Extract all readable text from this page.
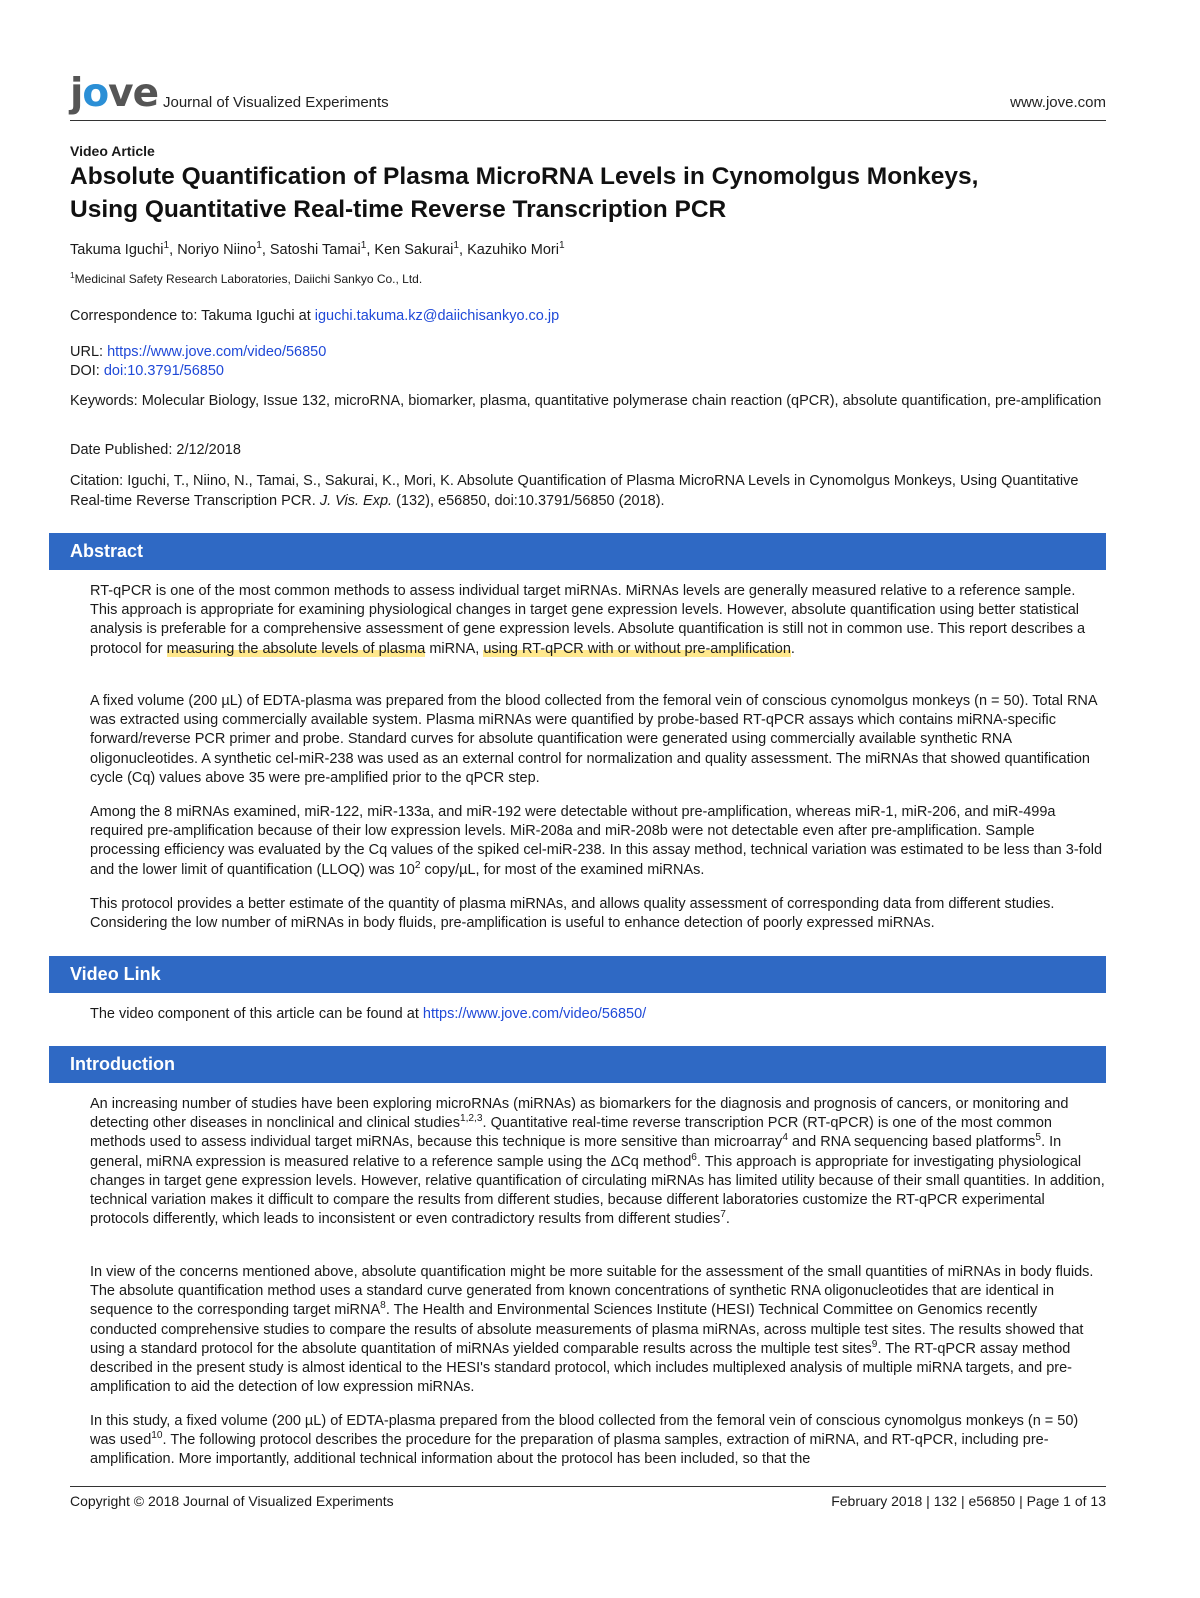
jove Journal of Visualized Experiments	www.jove.com
Video Article
Absolute Quantification of Plasma MicroRNA Levels in Cynomolgus Monkeys,
Using Quantitative Real-time Reverse Transcription PCR
Takuma Iguchi$^1$, Noriyo Niino$^1$, Satoshi Tamai$^1$, Ken Sakurai$^1$, Kazuhiko Mori$^1$
$^1$Medicinal Safety Research Laboratories, Daiichi Sankyo Co., Ltd.
Correspondence to: Takuma Iguchi at iguchi.takuma.kz@daiichisankyo.co.jp
URL: https://www.jove.com/video/56850
DOI: doi:10.3791/56850
Keywords: Molecular Biology, Issue 132, microRNA, biomarker, plasma, quantitative polymerase chain reaction (qPCR), absolute quantification, pre-amplification
Date Published: 2/12/2018
Citation: Iguchi, T., Niino, N., Tamai, S., Sakurai, K., Mori, K. Absolute Quantification of Plasma MicroRNA Levels in Cynomolgus Monkeys, Using Quantitative Real-time Reverse Transcription PCR. J. Vis. Exp. (132), e56850, doi:10.3791/56850 (2018).
Abstract
RT-qPCR is one of the most common methods to assess individual target miRNAs. MiRNAs levels are generally measured relative to a reference sample. This approach is appropriate for examining physiological changes in target gene expression levels. However, absolute quantification using better statistical analysis is preferable for a comprehensive assessment of gene expression levels. Absolute quantification is still not in common use. This report describes a protocol for measuring the absolute levels of plasma miRNA, using RT-qPCR with or without pre-amplification.
A fixed volume (200 µL) of EDTA-plasma was prepared from the blood collected from the femoral vein of conscious cynomolgus monkeys (n = 50). Total RNA was extracted using commercially available system. Plasma miRNAs were quantified by probe-based RT-qPCR assays which contains miRNA-specific forward/reverse PCR primer and probe. Standard curves for absolute quantification were generated using commercially available synthetic RNA oligonucleotides. A synthetic cel-miR-238 was used as an external control for normalization and quality assessment. The miRNAs that showed quantification cycle (Cq) values above 35 were pre-amplified prior to the qPCR step.
Among the 8 miRNAs examined, miR-122, miR-133a, and miR-192 were detectable without pre-amplification, whereas miR-1, miR-206, and miR-499a required pre-amplification because of their low expression levels. MiR-208a and miR-208b were not detectable even after pre-amplification. Sample processing efficiency was evaluated by the Cq values of the spiked cel-miR-238. In this assay method, technical variation was estimated to be less than 3-fold and the lower limit of quantification (LLOQ) was $10^2$ copy/µL, for most of the examined miRNAs.
This protocol provides a better estimate of the quantity of plasma miRNAs, and allows quality assessment of corresponding data from different studies. Considering the low number of miRNAs in body fluids, pre-amplification is useful to enhance detection of poorly expressed miRNAs.
Video Link
The video component of this article can be found at https://www.jove.com/video/56850/
Introduction
An increasing number of studies have been exploring microRNAs (miRNAs) as biomarkers for the diagnosis and prognosis of cancers, or monitoring and detecting other diseases in nonclinical and clinical studies$^{1,2,3}$. Quantitative real-time reverse transcription PCR (RT-qPCR) is one of the most common methods used to assess individual target miRNAs, because this technique is more sensitive than microarray$^4$ and RNA sequencing based platforms$^5$. In general, miRNA expression is measured relative to a reference sample using the ΔCq method$^6$. This approach is appropriate for investigating physiological changes in target gene expression levels. However, relative quantification of circulating miRNAs has limited utility because of their small quantities. In addition, technical variation makes it difficult to compare the results from different studies, because different laboratories customize the RT-qPCR experimental protocols differently, which leads to inconsistent or even contradictory results from different studies$^7$.
In view of the concerns mentioned above, absolute quantification might be more suitable for the assessment of the small quantities of miRNAs in body fluids. The absolute quantification method uses a standard curve generated from known concentrations of synthetic RNA oligonucleotides that are identical in sequence to the corresponding target miRNA$^8$. The Health and Environmental Sciences Institute (HESI) Technical Committee on Genomics recently conducted comprehensive studies to compare the results of absolute measurements of plasma miRNAs, across multiple test sites. The results showed that using a standard protocol for the absolute quantitation of miRNAs yielded comparable results across the multiple test sites$^9$. The RT-qPCR assay method described in the present study is almost identical to the HESI's standard protocol, which includes multiplexed analysis of multiple miRNA targets, and pre-amplification to aid the detection of low expression miRNAs.
In this study, a fixed volume (200 µL) of EDTA-plasma prepared from the blood collected from the femoral vein of conscious cynomolgus monkeys (n = 50) was used$^{10}$. The following protocol describes the procedure for the preparation of plasma samples, extraction of miRNA, and RT-qPCR, including pre-amplification. More importantly, additional technical information about the protocol has been included, so that the
Copyright © 2018 Journal of Visualized Experiments	February 2018 | 132 | e56850 | Page 1 of 13
